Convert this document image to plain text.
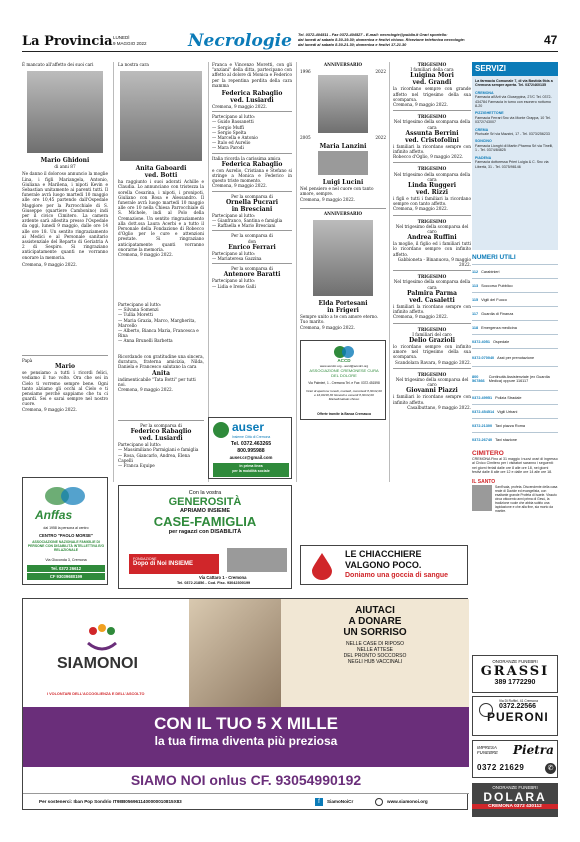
La Provincia LUNEDÌ
9 MAGGIO 2022 Necrologie Tel. 0372-404511 - Fax 0372-404527 - E-mail: necrologie@publia.it Orari sportello:
dai lunedì al sabato 8.30-19.30; domenica e festivi chiuso. Ricezione telefonica necrologie:
dal lunedì al sabato 8.30-21.30; domenica e festivi 17-21.30	47
È mancato all'affetto dei suoi cari
Mario Ghidoni
di anni 87
Ne danno il doloroso annuncio la moglie Lina, i figli Mariangela, Antonio, Giuliana e Marilena, i nipoti Kevin e Sebastian unitamente ai parenti tutti. Il funerale avrà luogo martedì 10 maggio alle ore 10,45 partendo dall'Ospedale Maggiore per la Parrocchiale di S. Giuseppe (quartiere Cambonino) indi per il civico Cimitero. La camera ardente sarà allestita presso l'Ospedale da oggi, lunedì 9 maggio, dalle ore 14 alle ore 18. Un sentito ringraziamento ai Medici e al Personale sanitario assistenziale del Reparto di Geriatria A 2 di Sespiro. Si ringraziano anticipatamente quanti ne vorranno onorare la memoria.
Cremona, 9 maggio 2022.
Papà
Mario
se pensiamo a tutti i ricordi felici, vediamo il tuo volto. Ora che sei in Cielo ti vorremo sempre bene. Ogni tanto alziamo gli occhi al Cielo e ti pensiamo perché sappiamo che tu ci guardi. Sei e sarai sempre nel nostro cuore.
Cremona, 9 maggio 2022.
Anffas
dal 1958 la persona al centro
CENTRO "PAOLO MORSE"
ASSOCIAZIONE NAZIONALE FAMIGLIE DI PERSONE CON DISABILITÀ INTELLETTIVA E/O RELAZIONALE
Via Gioconda 3, Cremona
Tel. 0372 26612
CF 93039680199
La nostra cara
Anita Gaboardi
ved. Botti
ha raggiunto i suoi adorati Achille e Claudia. Lo annunciano con tristezza la sorella Cesarina, i nipoti, i pronipoti, Giuliano con Rosa e Alessandro. Il funerale avrà luogo martedì 10 maggio alle ore 10 nella Chiesa Parrocchiale di S. Michele, indi al Polo della Cremazione. Un sentito ringraziamento alla dott.ssa Laura Acerbi e a tutto il Personale della Fondazione di Robecco d'Oglio per le cure e attenzioni prestate. Si ringraziano anticipatamente quanti vorranno onorarne la memoria.
Cremona, 9 maggio 2022.
Partecipano al lutto:
— Silvana Somenzi
— Tullia Moretti
— Maria Grazia, Marco, Margherita, Marcello
— Alberto, Bianca Maria, Francesca e Rina
— Anna Brunelli Barbetta
Ricordando con gratitudine una sincera, duratura, fraterna amicizia, Nilda, Daniela e Francesco salutano la cara
Anita
indimenticabile "Tata Botti" per tutti noi.
Cremona, 9 maggio 2022.
Per la scomparsa di
Federico Rabaglio
ved. Lusiardi
Partecipano al lutto:
— Massimiliano Parmigiani e famiglia
— Rosa, Giancarlo, Andrea, Elena Capelli
— Franca Equipe
Franca e Vincenzo Moretti, con gli "anziani" della ditta, partecipano con affetto al dolore di Monica e Federico per la repentina perdita della cara mamma
Federica Rabaglio
ved. Lusiardi
Cremona, 9 maggio 2022.
Partecipano al lutto:
— Guido Bassanetti
— Sergio Muffi
— Sergio Spelta
— Marcella e Antonio
— Italo ed Aurelio
— Mara Parodi
Italia ricorda la carissima amica
Federica Rabaglio
e con Aurelio, Cristiana e Stefano si stringe a Monica e Federico in questo triste momento.
Cremona, 9 maggio 2022.
Per la scomparsa di
Ornella Pucrari
in Bresciani
Partecipano al lutto:
— Gianfranco, Santina e famiglia
— Raffaella e Mario Bresciani
Per la scomparsa di
don
Enrico Ferrari
Partecipano al lutto:
— Mariateresa Gazzina
Per la scomparsa di
Antenore Baratti
Partecipano al lutto:
— Lidia e Irene Galli
auser
Insieme Città di Cremona
Tel. 0372.463265
800.995988
auser.cr@gmail.com
in prima linea
per la mobilità sociale
ANNIVERSARIO
1996	2022
2005	2022
Maria Lanzini
Luigi Lucini
Nel pensiero e nel cuore con tanto amore, sempre.
Cremona, 9 maggio 2022.
ANNIVERSARIO
Elda Portesani
in Frigeri
Sempre unito a te con amore eterno. Tuo marito.
Cremona, 9 maggio 2022.
ACCD
www.accdcr.org - accd@accdcr.org
ASSOCIAZIONE CREMONESE CURA DEL DOLORE
Via Palmieri, 1 - Cremona Tel. e Fax: 0372.451598
Orari di apertura: lunedì, martedì, mercoledì 8,30/12,00 e 16,00/18,30 Giovedì e venerdì 8,30/12,00 Martedì/sabato chiuso
Offerte tramite la Banca Cremasca
TRIGESIMO
I familiari della cara
Luigina Mori
ved. Grandi
la ricordano sempre con grande affetto nel trigesimo della sua scomparsa.
Cremona, 9 maggio 2022.
TRIGESIMO
Nel trigesimo della scomparsa della cara
Assunta Berrini
ved. Cristofolini
i familiari la ricordano sempre con infinito affetto.
Robecco d'Oglio, 9 maggio 2022.
TRIGESIMO
Nel trigesimo della scomparsa della cara
Linda Ruggeri
ved. Rizzi
i figli e tutti i familiari la ricordano sempre con tanto affetto.
Cremona, 9 maggio 2022.
TRIGESIMO
Nel trigesimo della scomparsa del caro
Andrea Ruffini
la moglie, il figlio ed i familiari tutti lo ricordano sempre con infinito affetto.
Gabbioneta - Binanuova, 9 maggio 2022.
TRIGESIMO
Nel trigesimo della scomparsa della cara
Palmira Parma
ved. Casaletti
i familiari la ricordano sempre con infinito affetto.
Cremona, 9 maggio 2022.
TRIGESIMO
I familiari del caro
Delio Grazioli
lo ricordano sempre con infinito amore nel trigesimo della sua scomparsa.
Scandolara Ravara, 9 maggio 2022.
TRIGESIMO
Nel trigesimo della scomparsa del caro
Giovanni Piazzi
i familiari lo ricordano sempre con infinito affetto.
Casalbuttano, 9 maggio 2022.
SERVIZI
La farmacia Comunale 7, di via Bastida 9bis a Cremona sempre aperta. Tel. 0372/460135
CREMONA
Farmacia all'Arti via Giuseppina, 27/C Tel. 0372-434784 Farmacia in turno con esonero notturno 8-20
PIZZIGHETTONE
Farmacia Ferrari Snc via Monte Grappa, 10 Tel. 0372/743007
CREMA
Pluriuale Srl via Mazzini, 17 - Tel. 0373/256233
SONCINO
Farmacia Lionghi di Martin Pharma Srl via Tinelli, 1 - Tel. 0374/84825
PIADENA
Farmacia dottoressa Prieri Luigia & C. Snc via Libertà, 31 - Tel. 0375/98146
NUMERI UTILI
112 Carabinieri
113 Soccorso Pubblico
115 Vigili del Fuoco
117 Guardia di Finanza
118 Emergenza medicina
0372.4051 Ospedale
0372.070040 Asst per prenotazione
800 567866
Continuità Assistenziale (ex Guardia Medica) oppure 116117
0372.49951 Polizia Stradale
0372.454514 Vigili Urbani
0372.21300 Taxi piazza Roma
0372.26740 Taxi stazione
CIMITERO
CREMONA Fino al 31 maggio i nuovi orari di ingresso al Civico Cimitero per i visitatori saranno i seguenti: nei giorni feriali dalle ore 8 alle ore 18, nei giorni festivi dalle 8 alle ore 12 e dalle ore 14 alle ore 18.
IL SANTO
Sant'Isaia, profeta. Discendente della casa reale di Davide ed evangelista, con esaltante grande Profeta di Isaele. Vissuto circa ottocento anni prima di Gesù, la tradizione vuole che abbia subito una lapidazione e che alla fine, sia morto da martire.
ONORANZE FUNEBRI
GRASSI
389 1772290
Via Di Ruffini, 41 Cremona
0372.22566
PUERONI
IMPRESA FUNEBRE	Pietra
0372 21629	✆
ONORANZE FUNEBRI
DOLARA
CREMONA 0372 430112
Con la vostra
GENEROSITÀ
APRIAMO INSIEME
CASE-FAMIGLIA
per ragazzi con DISABILITÀ
FONDAZIONE
Dopo di Noi INSIEME
Via Cattaro 1 - Cremona
Tel. 0372.21856 - Cod. Fisc. 93042300199
LE CHIACCHIERE
VALGONO POCO.
Doniamo una goccia di sangue
SIAMONOI
I VOLONTARI DELL'ACCOGLIENZA E DELL'ASCOLTO
AIUTACI
A DONARE
UN SORRISO
NELLE CASE DI RIPOSO
NELLE ATTESE
DEL PRONTO SOCCORSO
NEGLI HUB VACCINALI
CON IL TUO 5 X MILLE
la tua firma diventa più preziosa
SIAMO NOI onlus CF. 93054990192
Per sostenerci: Iban Pop Sondrio IT98B0569611400000010815X83	f	SiamoNoiCr	www.siamonoi.org
